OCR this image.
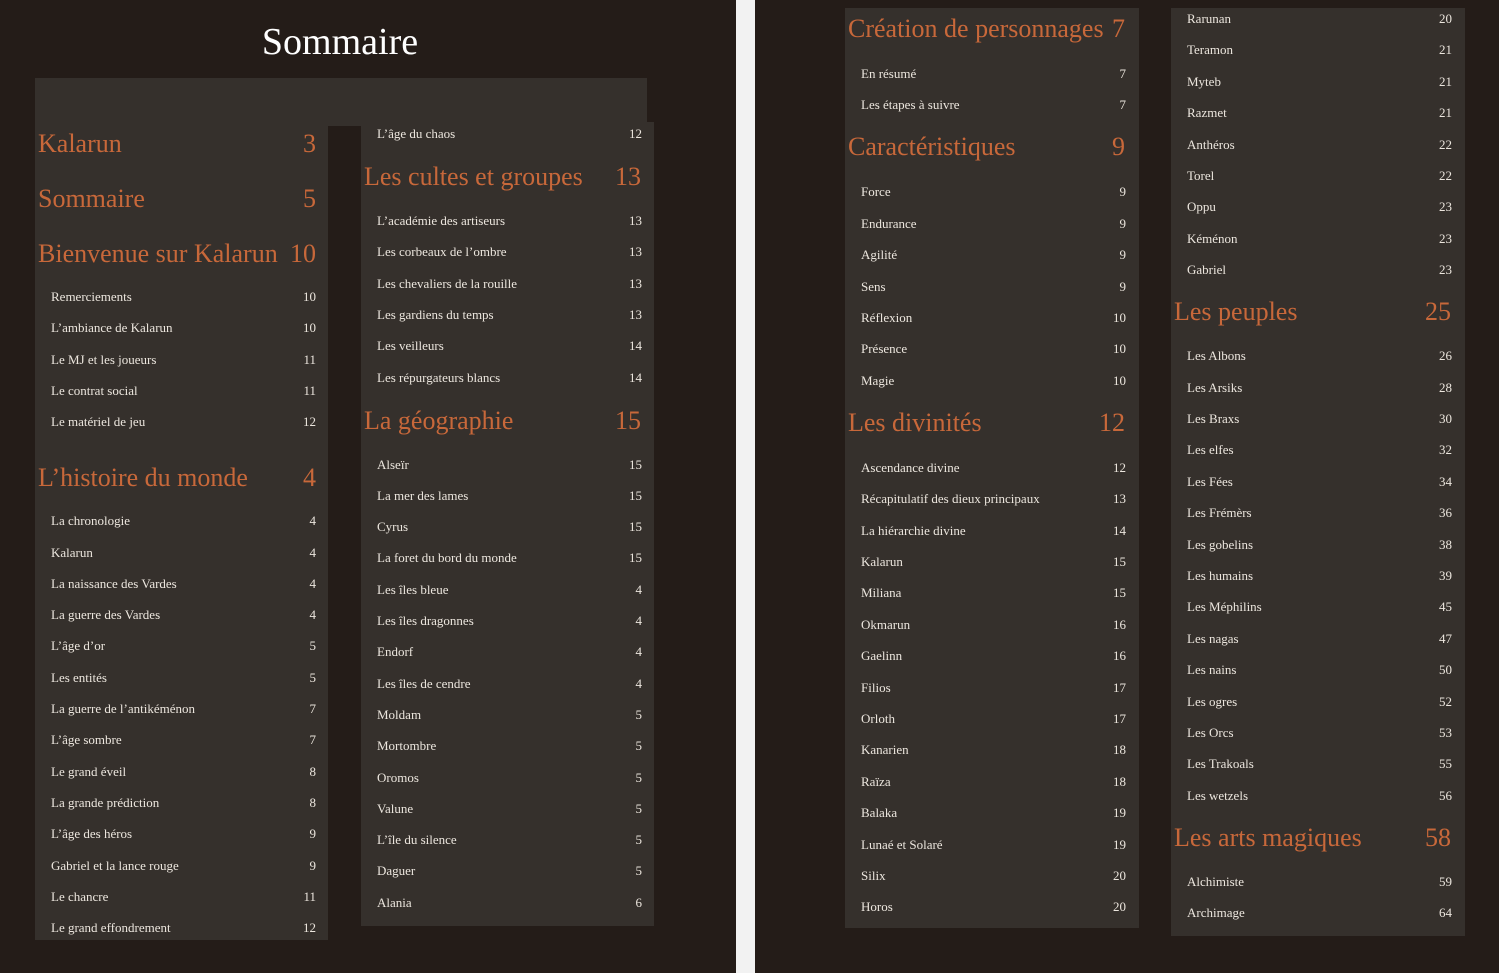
Sommaire
Kalarun	3
Sommaire	5
Bienvenue sur Kalarun 10
Remerciements	10
L’ambiance de Kalarun	10
Le MJ et les joueurs	11
Le contrat social	11
Le matériel de jeu	12
L’histoire du monde 4
La chronologie	4
Kalarun	4
La naissance des Vardes	4
La guerre des Vardes	4
L’âge d’or	5
Les entités	5
La guerre de l’antikéménon	7
L’âge sombre	7
Le grand éveil	8
La grande prédiction	8
L’âge des héros	9
Gabriel et la lance rouge	9
Le chancre	11
Le grand effondrement	12
L’âge du chaos	12
Les cultes et groupes 13
L’académie des artiseurs	13
Les corbeaux de l’ombre	13
Les chevaliers de la rouille	13
Les gardiens du temps	13
Les veilleurs	14
Les répurgateurs blancs	14
La géographie	15
Alseïr	15
La mer des lames	15
Cyrus	15
La foret du bord du monde	15
Les îles bleue	4
Les îles dragonnes	4
Endorf	4
Les îles de cendre	4
Moldam	5
Mortombre	5
Oromos	5
Valune	5
L’île du silence	5
Daguer	5
Alania	6
Création de personnages 7
En résumé	7
Les étapes à suivre	7
Caractéristiques	9
Force	9
Endurance	9
Agilité	9
Sens	9
Réflexion	10
Présence	10
Magie	10
Les divinités	12
Ascendance divine	12
Récapitulatif des dieux principaux	13
La hiérarchie divine	14
Kalarun	15
Miliana	15
Okmarun	16
Gaelinn	16
Filios	17
Orloth	17
Kanarien	18
Raïza	18
Balaka	19
Lunaé et Solaré	19
Silix	20
Horos	20
Rarunan	20
Teramon	21
Myteb	21
Razmet	21
Anthéros	22
Torel	22
Oppu	23
Kéménon	23
Gabriel	23
Les peuples	25
Les Albons	26
Les Arsiks	28
Les Braxs	30
Les elfes	32
Les Fées	34
Les Frémèrs	36
Les gobelins	38
Les humains	39
Les Méphilins	45
Les nagas	47
Les nains	50
Les ogres	52
Les Orcs	53
Les Trakoals	55
Les wetzels	56
Les arts magiques 58
Alchimiste	59
Archimage	64
